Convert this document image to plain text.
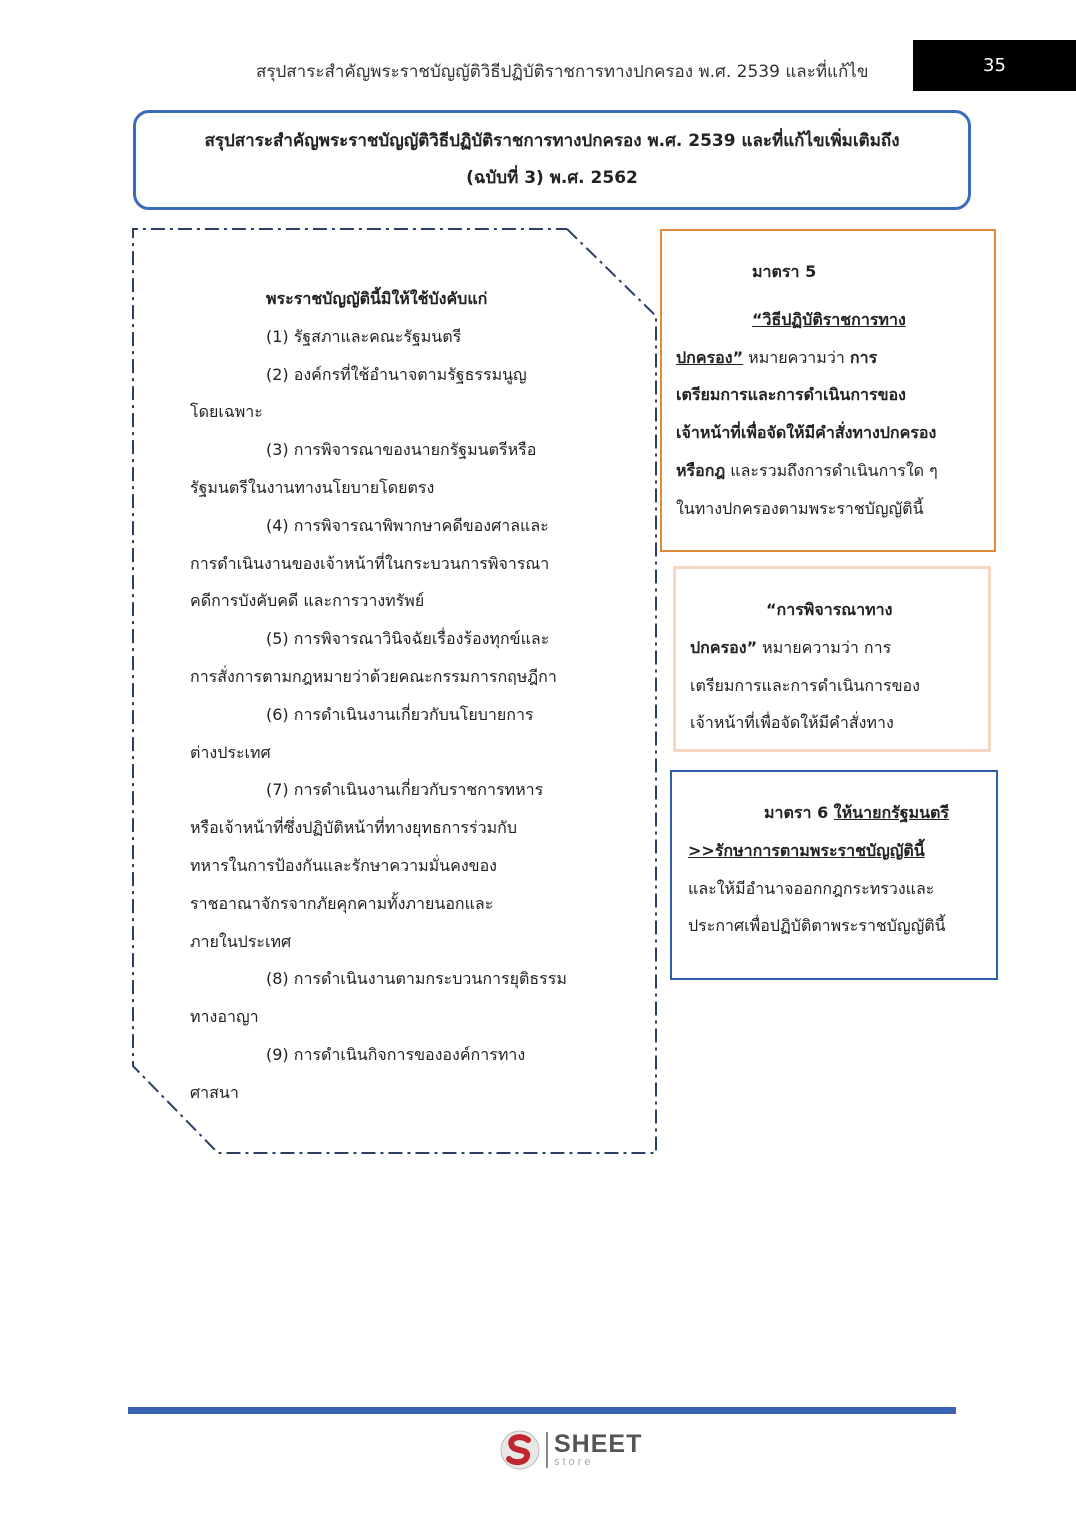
สรุปสาระสำคัญพระราชบัญญัติวิธีปฏิบัติราชการทางปกครอง พ.ศ. 2539 และที่แก้ไข	35
สรุปสาระสำคัญพระราชบัญญัติวิธีปฏิบัติราชการทางปกครอง พ.ศ. 2539 และที่แก้ไขเพิ่มเติมถึง
(ฉบับที่ 3) พ.ศ. 2562

พระราชบัญญัตินี้มิให้ใช้บังคับแก่

(1) รัฐสภาและคณะรัฐมนตรี

(2) องค์กรที่ใช้อำนาจตามรัฐธรรมนูญ

โดยเฉพาะ

(3) การพิจารณาของนายกรัฐมนตรีหรือ

รัฐมนตรีในงานทางนโยบายโดยตรง

(4) การพิจารณาพิพากษาคดีของศาลและ

การดำเนินงานของเจ้าหน้าที่ในกระบวนการพิจารณา

คดีการบังคับคดี และการวางทรัพย์

(5) การพิจารณาวินิจฉัยเรื่องร้องทุกข์และ

การสั่งการตามกฎหมายว่าด้วยคณะกรรมการกฤษฎีกา

(6) การดำเนินงานเกี่ยวกับนโยบายการ

ต่างประเทศ

(7) การดำเนินงานเกี่ยวกับราชการทหาร

หรือเจ้าหน้าที่ซึ่งปฏิบัติหน้าที่ทางยุทธการร่วมกับ

ทหารในการป้องกันและรักษาความมั่นคงของ

ราชอาณาจักรจากภัยคุกคามทั้งภายนอกและ

ภายในประเทศ

(8) การดำเนินงานตามกระบวนการยุติธรรม

ทางอาญา

(9) การดำเนินกิจการขององค์การทาง

ศาสนา

มาตรา 5
“วิธีปฏิบัติราชการทาง
ปกครอง” หมายความว่า การ
เตรียมการและการดำเนินการของ
เจ้าหน้าที่เพื่อจัดให้มีคำสั่งทางปกครอง
หรือกฎ และรวมถึงการดำเนินการใด ๆ
ในทางปกครองตามพระราชบัญญัตินี้
“การพิจารณาทาง
ปกครอง” หมายความว่า การ
เตรียมการและการดำเนินการของ
เจ้าหน้าที่เพื่อจัดให้มีคำสั่งทาง
มาตรา 6 ให้นายกรัฐมนตรี
>>รักษาการตามพระราชบัญญัตินี้
และให้มีอำนาจออกกฎกระทรวงและ
ประกาศเพื่อปฏิบัติตาพระราชบัญญัตินี้
SHEET
store
